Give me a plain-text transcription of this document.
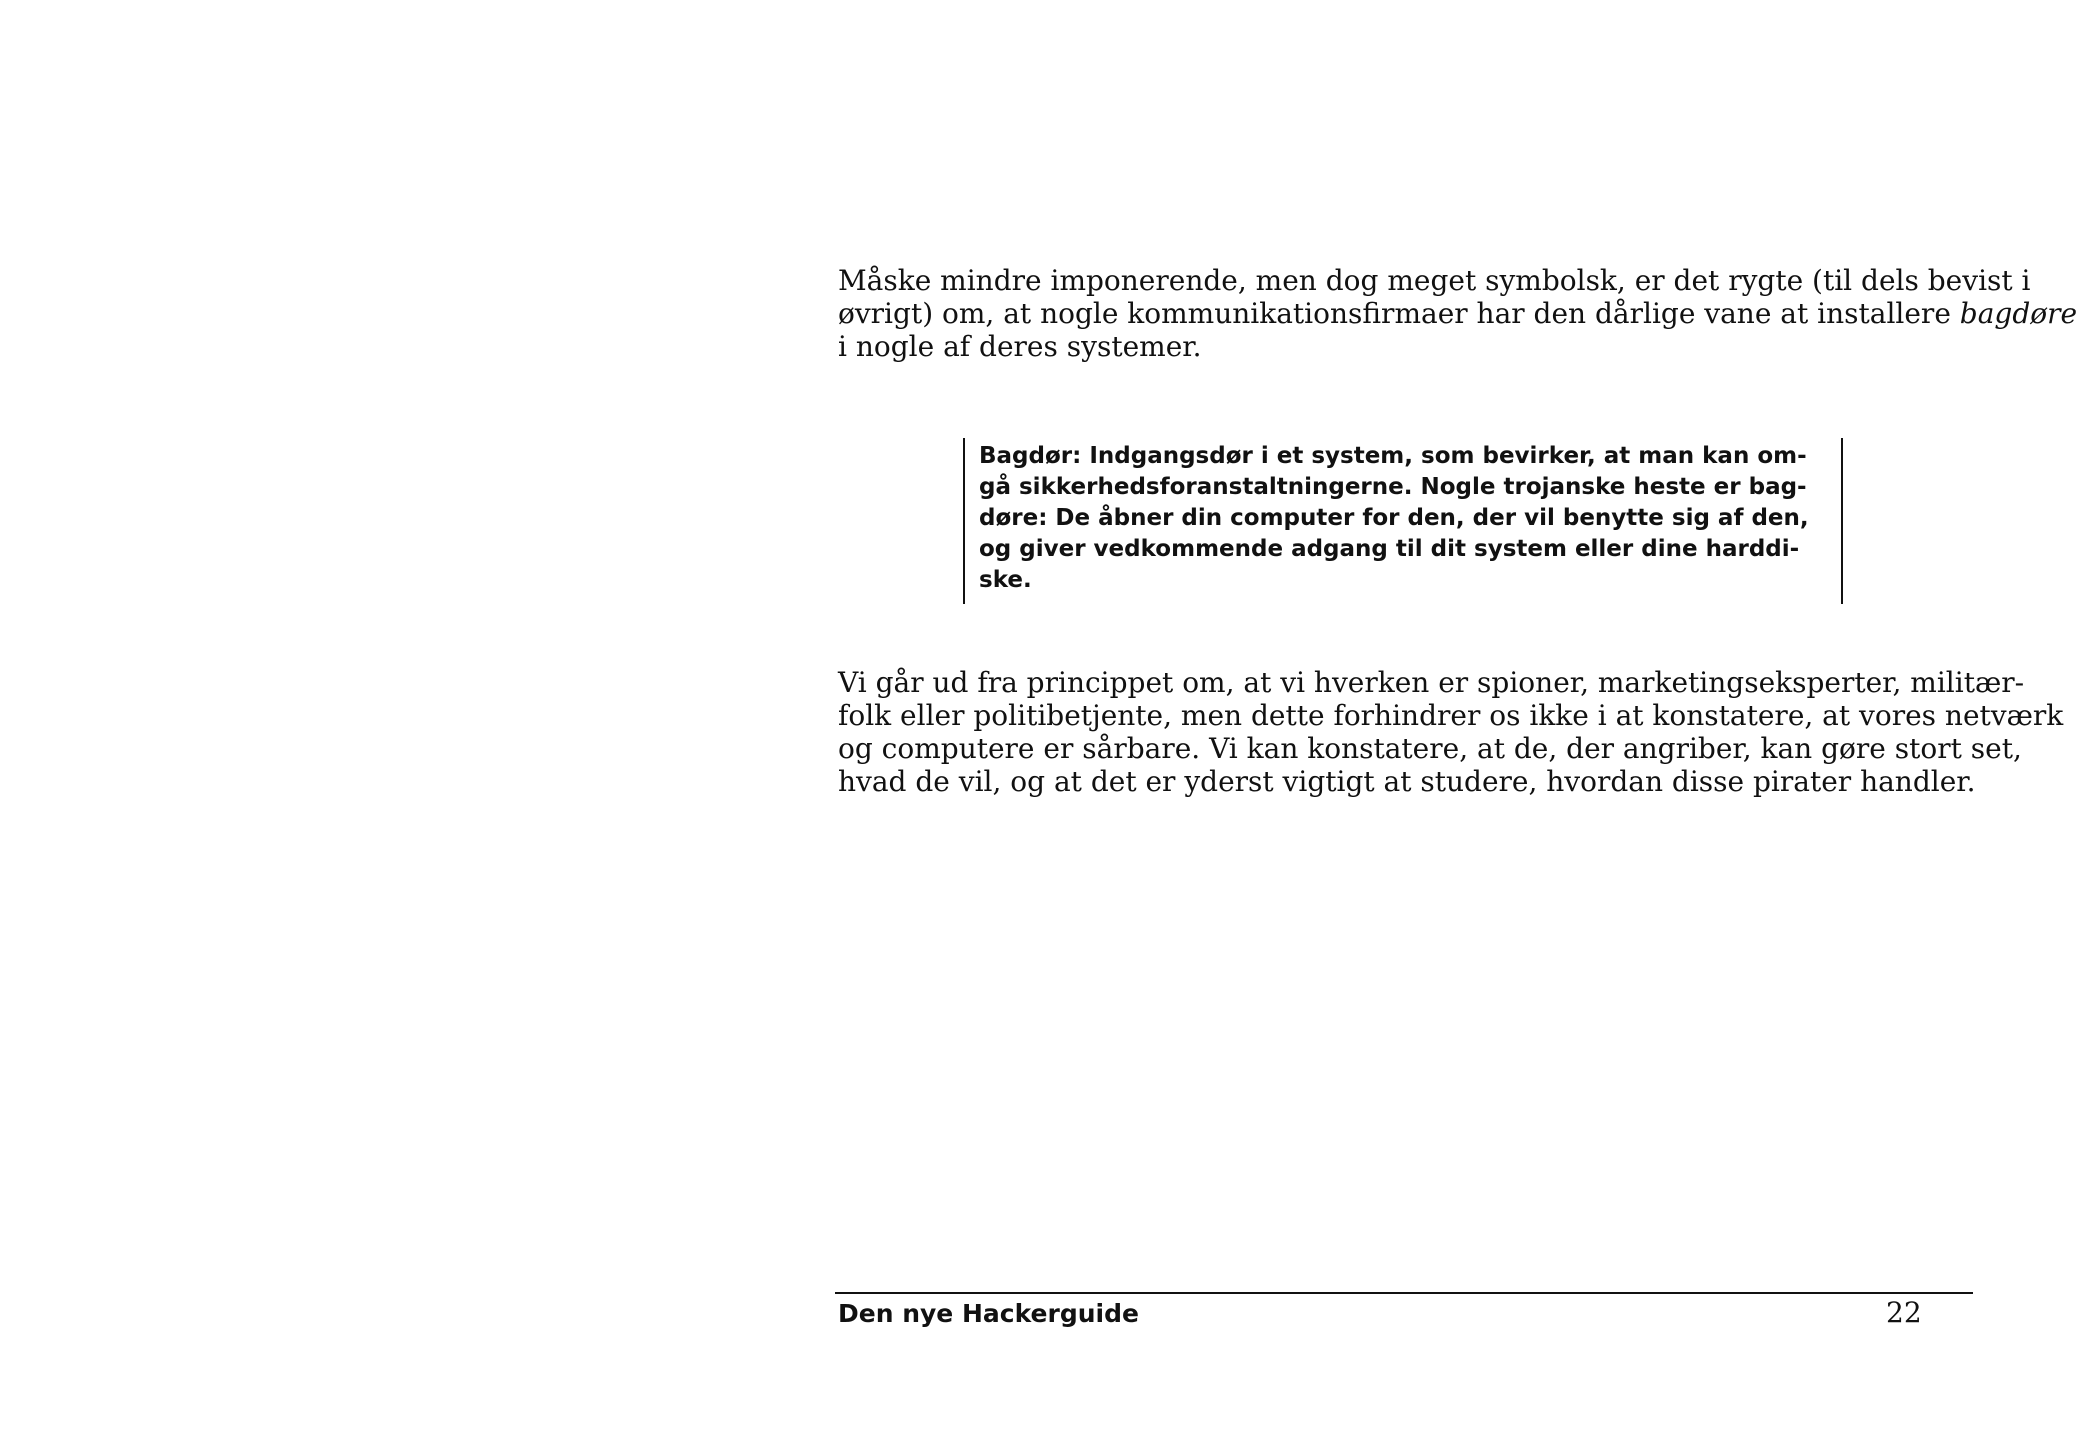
Måske mindre imponerende, men dog meget symbolsk, er det rygte (til dels bevist i
øvrigt) om, at nogle kommunikationsfirmaer har den dårlige vane at installere bagdøre
i nogle af deres systemer.

Bagdør: Indgangsdør i et system, som bevirker, at man kan om-

gå sikkerhedsforanstaltningerne. Nogle trojanske heste er bag-

døre: De åbner din computer for den, der vil benytte sig af den,

og giver vedkommende adgang til dit system eller dine harddi-

ske.

Vi går ud fra princippet om, at vi hverken er spioner, marketingseksperter, militær-
folk eller politibetjente, men dette forhindrer os ikke i at konstatere, at vores netværk
og computere er sårbare. Vi kan konstatere, at de, der angriber, kan gøre stort set,
hvad de vil, og at det er yderst vigtigt at studere, hvordan disse pirater handler.

Den nye Hackerguide	22
